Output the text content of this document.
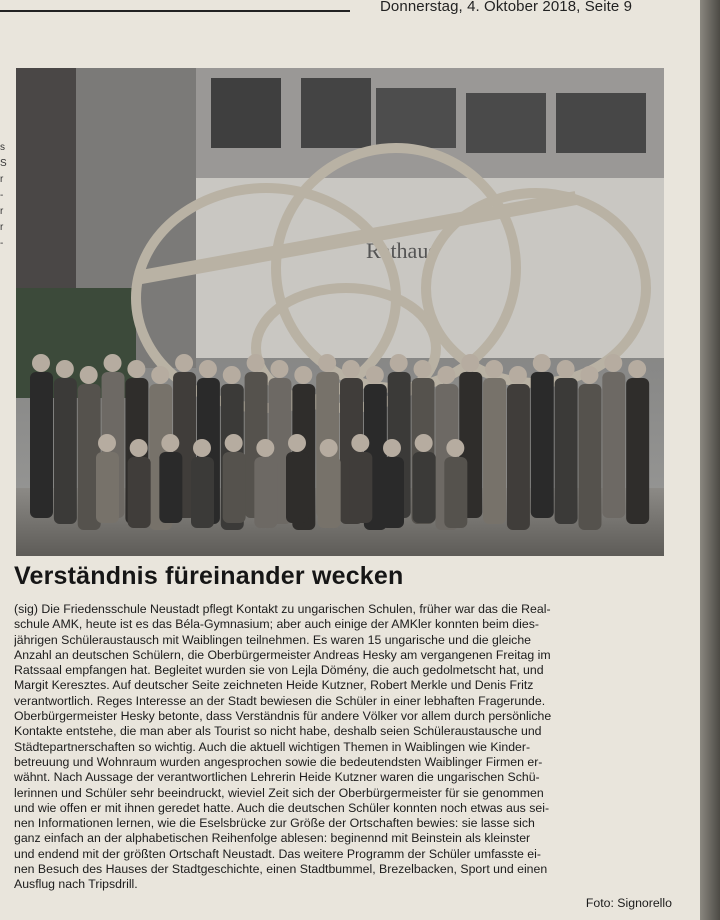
Donnerstag, 4. Oktober 2018, Seite 9
s
S
r
-
r
r
-	Rathaus
Verständnis füreinander wecken
(sig) Die Friedensschule Neustadt pflegt Kontakt zu ungarischen Schulen, früher war das die Real-
schule AMK, heute ist es das Béla-Gymnasium; aber auch einige der AMKler konnten beim dies-
jährigen Schüleraustausch mit Waiblingen teilnehmen. Es waren 15 ungarische und die gleiche
Anzahl an deutschen Schülern, die Oberbürgermeister Andreas Hesky am vergangenen Freitag im
Ratssaal empfangen hat. Begleitet wurden sie von Lejla Dömény, die auch gedolmetscht hat, und
Margit Keresztes. Auf deutscher Seite zeichneten Heide Kutzner, Robert Merkle und Denis Fritz
verantwortlich. Reges Interesse an der Stadt bewiesen die Schüler in einer lebhaften Fragerunde.
Oberbürgermeister Hesky betonte, dass Verständnis für andere Völker vor allem durch persönliche
Kontakte entstehe, die man aber als Tourist so nicht habe, deshalb seien Schüleraustausche und
Städtepartnerschaften so wichtig. Auch die aktuell wichtigen Themen in Waiblingen wie Kinder-
betreuung und Wohnraum wurden angesprochen sowie die bedeutendsten Waiblinger Firmen er-
wähnt. Nach Aussage der verantwortlichen Lehrerin Heide Kutzner waren die ungarischen Schü-
lerinnen und Schüler sehr beeindruckt, wieviel Zeit sich der Oberbürgermeister für sie genommen
und wie offen er mit ihnen geredet hatte. Auch die deutschen Schüler konnten noch etwas aus sei-
nen Informationen lernen, wie die Eselsbrücke zur Größe der Ortschaften bewies: sie lasse sich
ganz einfach an der alphabetischen Reihenfolge ablesen: beginennd mit Beinstein als kleinster
und endend mit der größten Ortschaft Neustadt. Das weitere Programm der Schüler umfasste ei-
nen Besuch des Hauses der Stadtgeschichte, einen Stadtbummel, Brezelbacken, Sport und einen
Ausflug nach Tripsdrill.
Foto: Signorello
